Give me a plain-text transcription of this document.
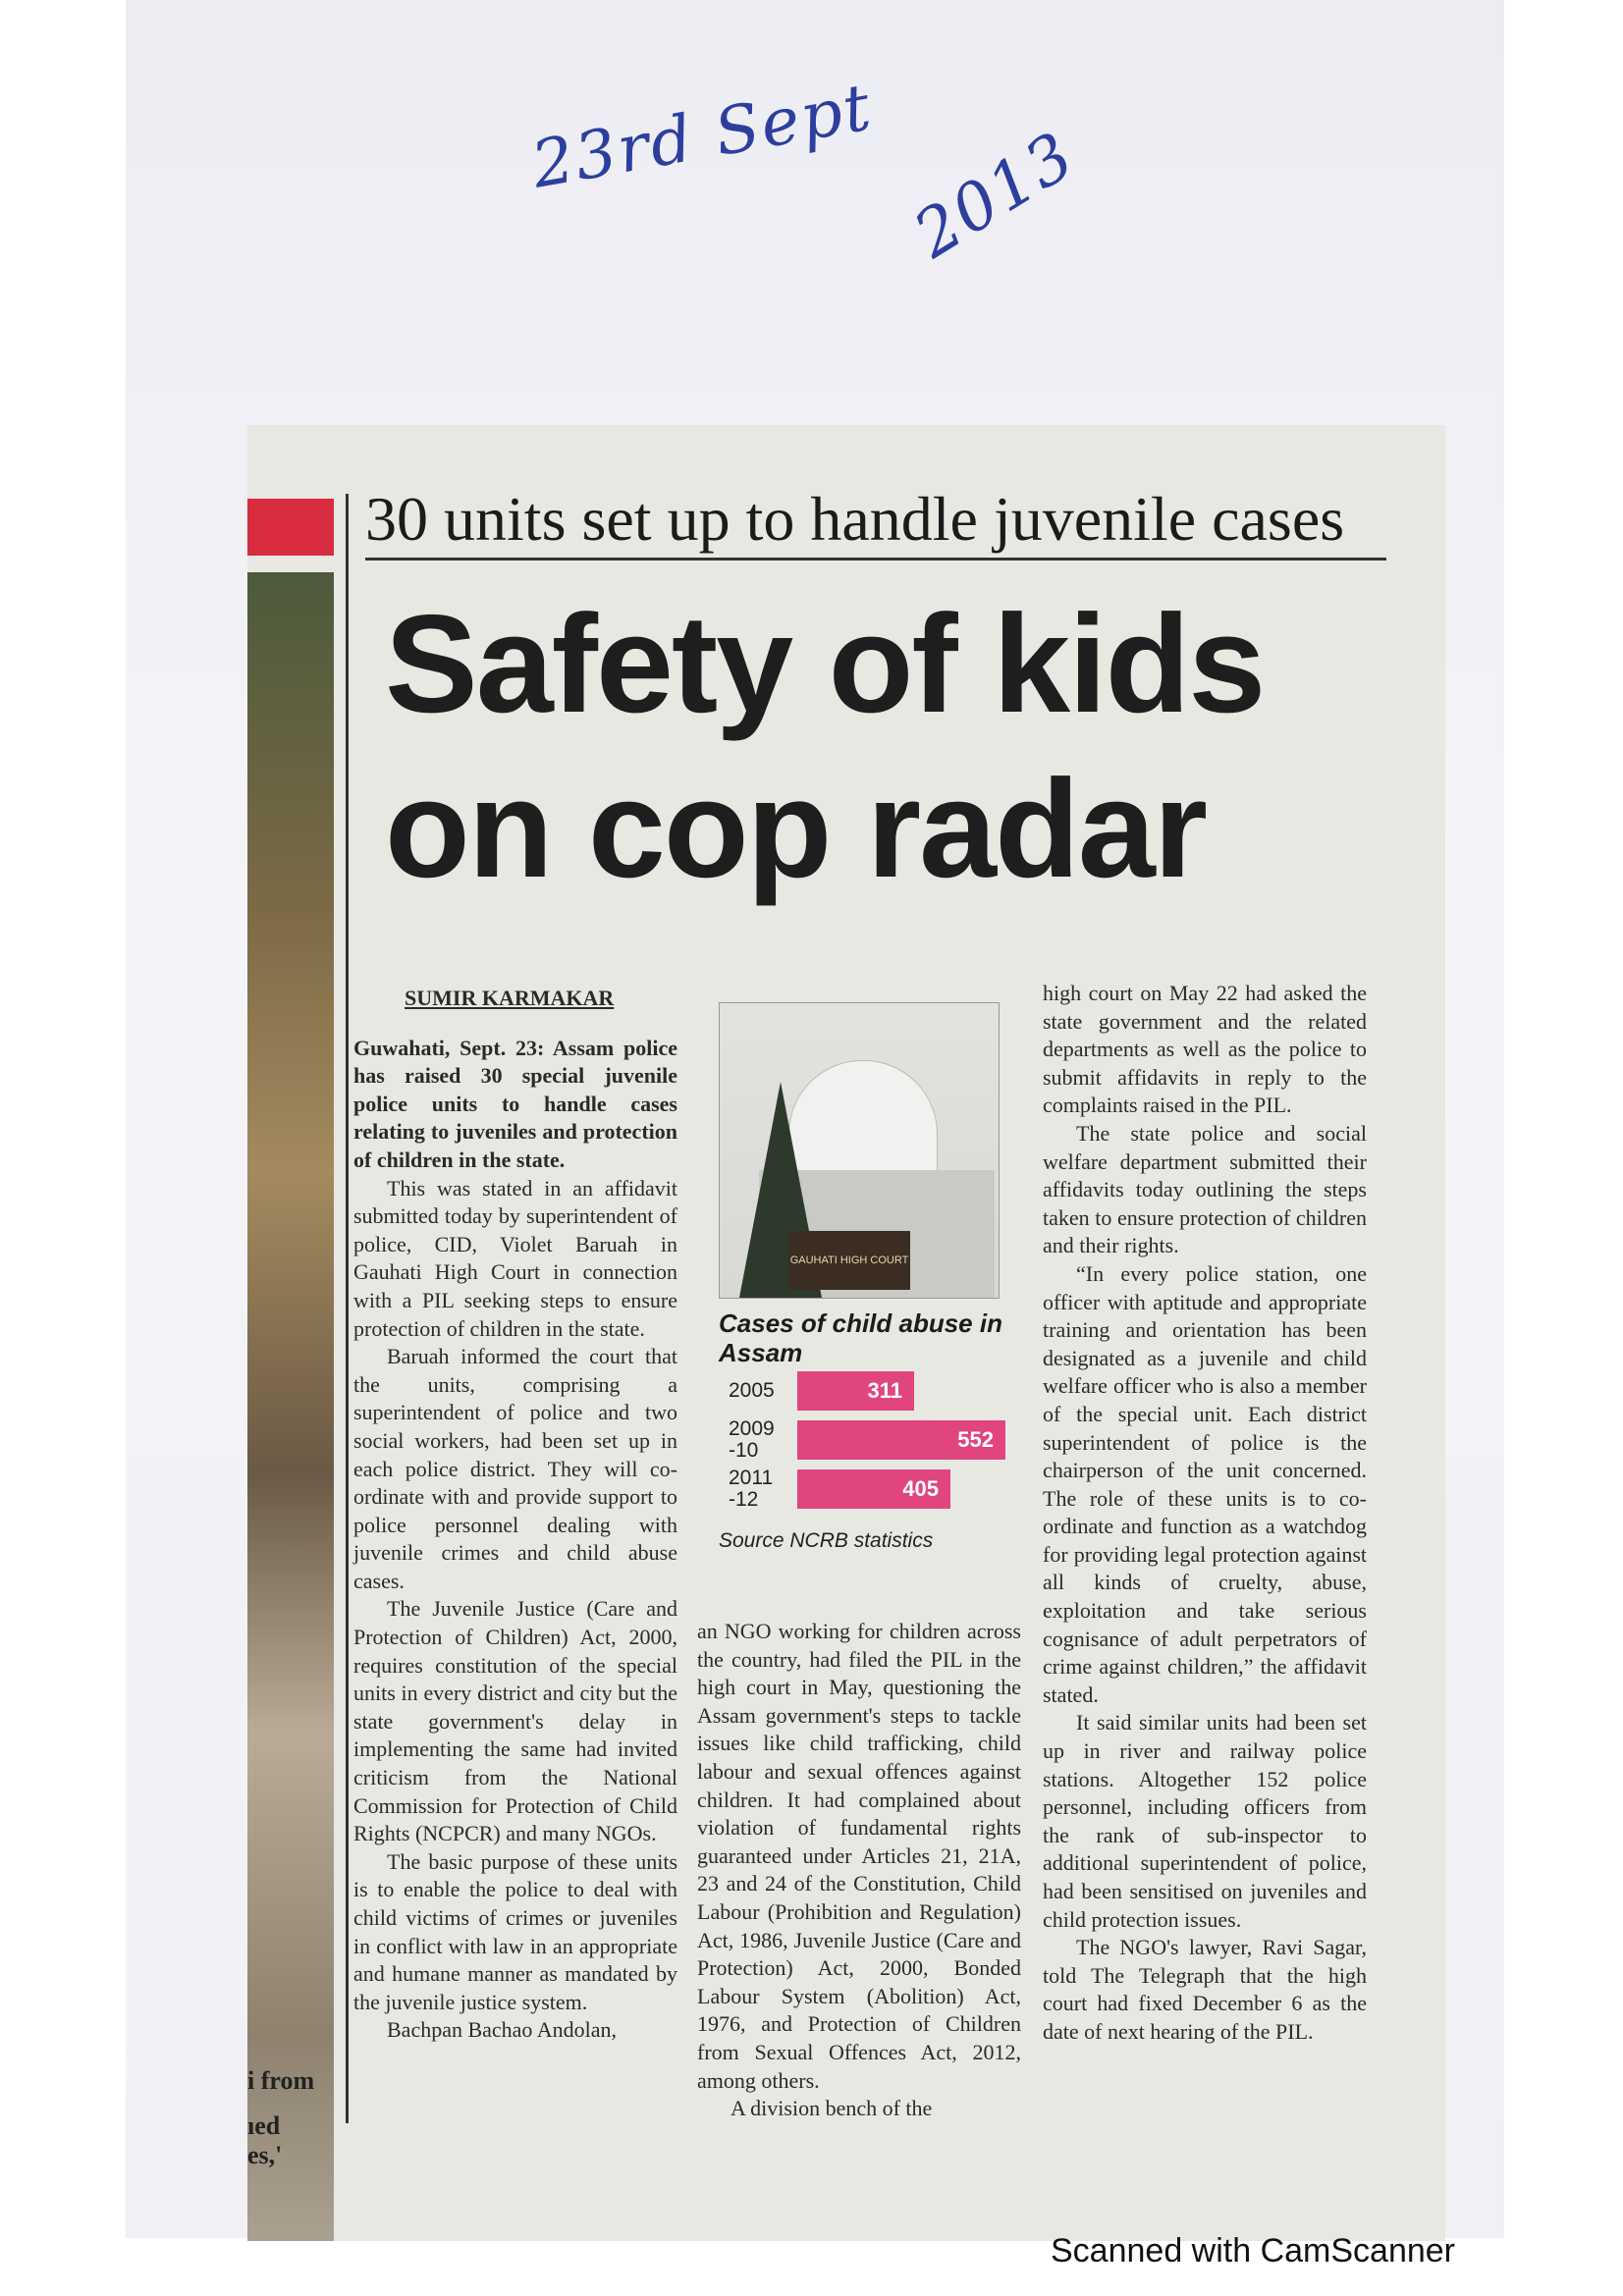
23rd Sept 2013
i from
ıed
es,'
30 units set up to handle juvenile cases
Safety of kids on cop radar
SUMIR KARMAKAR

Guwahati, Sept. 23: Assam police has raised 30 special juvenile police units to handle cases relating to juveniles and protection of children in the state.

This was stated in an affidavit submitted today by superintendent of police, CID, Violet Baruah in Gauhati High Court in connection with a PIL seeking steps to ensure protection of children in the state.

Baruah informed the court that the units, comprising a superintendent of police and two social workers, had been set up in each police district. They will co-ordinate with and provide support to police personnel dealing with juvenile crimes and child abuse cases.

The Juvenile Justice (Care and Protection of Children) Act, 2000, requires constitution of the special units in every district and city but the state government's delay in implementing the same had invited criticism from the National Commission for Protection of Child Rights (NCPCR) and many NGOs.

The basic purpose of these units is to enable the police to deal with child victims of crimes or juveniles in conflict with law in an appropriate and humane manner as mandated by the juvenile justice system.

Bachpan Bachao Andolan,

GAUHATI HIGH COURT
Cases of child abuse in Assam
2005	311
2009
-10	552
2011
-12	405
Source NCRB statistics

an NGO working for children across the country, had filed the PIL in the high court in May, questioning the Assam government's steps to tackle issues like child trafficking, child labour and sexual offences against children. It had complained about violation of fundamental rights guaranteed under Articles 21, 21A, 23 and 24 of the Constitution, Child Labour (Prohibition and Regulation) Act, 1986, Juvenile Justice (Care and Protection) Act, 2000, Bonded Labour System (Abolition) Act, 1976, and Protection of Children from Sexual Offences Act, 2012, among others.

A division bench of the

high court on May 22 had asked the state government and the related departments as well as the police to submit affidavits in reply to the complaints raised in the PIL.

The state police and social welfare department submitted their affidavits today outlining the steps taken to ensure protection of children and their rights.

“In every police station, one officer with aptitude and appropriate training and orientation has been designated as a juvenile and child welfare officer who is also a member of the special unit. Each district superintendent of police is the chairperson of the unit concerned. The role of these units is to co-ordinate and function as a watchdog for providing legal protection against all kinds of cruelty, abuse, exploitation and take serious cognisance of adult perpetrators of crime against children,” the affidavit stated.

It said similar units had been set up in river and railway police stations. Altogether 152 police personnel, including officers from the rank of sub-inspector to additional superintendent of police, had been sensitised on juveniles and child protection issues.

The NGO's lawyer, Ravi Sagar, told The Telegraph that the high court had fixed December 6 as the date of next hearing of the PIL.

Scanned with CamScanner
